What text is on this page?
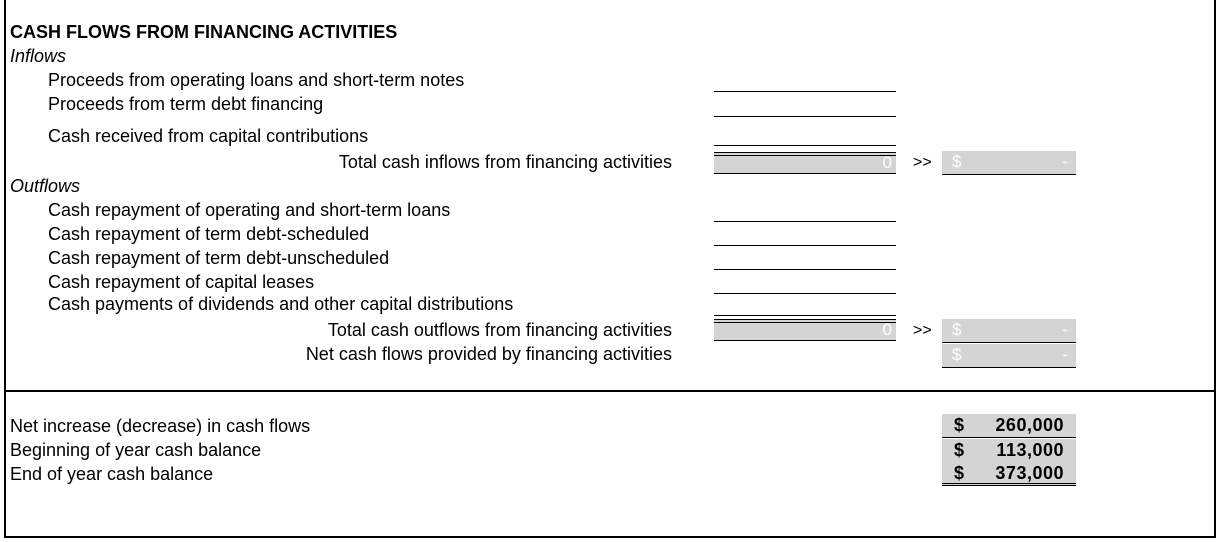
CASH FLOWS FROM FINANCING ACTIVITIES
Inflows
Proceeds from operating loans and short-term notes
Proceeds from term debt financing
Cash received from capital contributions
Total cash inflows from financing activities	0 >> $	-
Outflows
Cash repayment of operating and short-term loans
Cash repayment of term debt-scheduled
Cash repayment of term debt-unscheduled
Cash repayment of capital leases
Cash payments of dividends and other capital distributions
Total cash outflows from financing activities	0 >> $	-
Net cash flows provided by financing activities	$	-
Net increase (decrease) in cash flows	$ 260,000
Beginning of year cash balance	$ 113,000
End of year cash balance	$ 373,000
